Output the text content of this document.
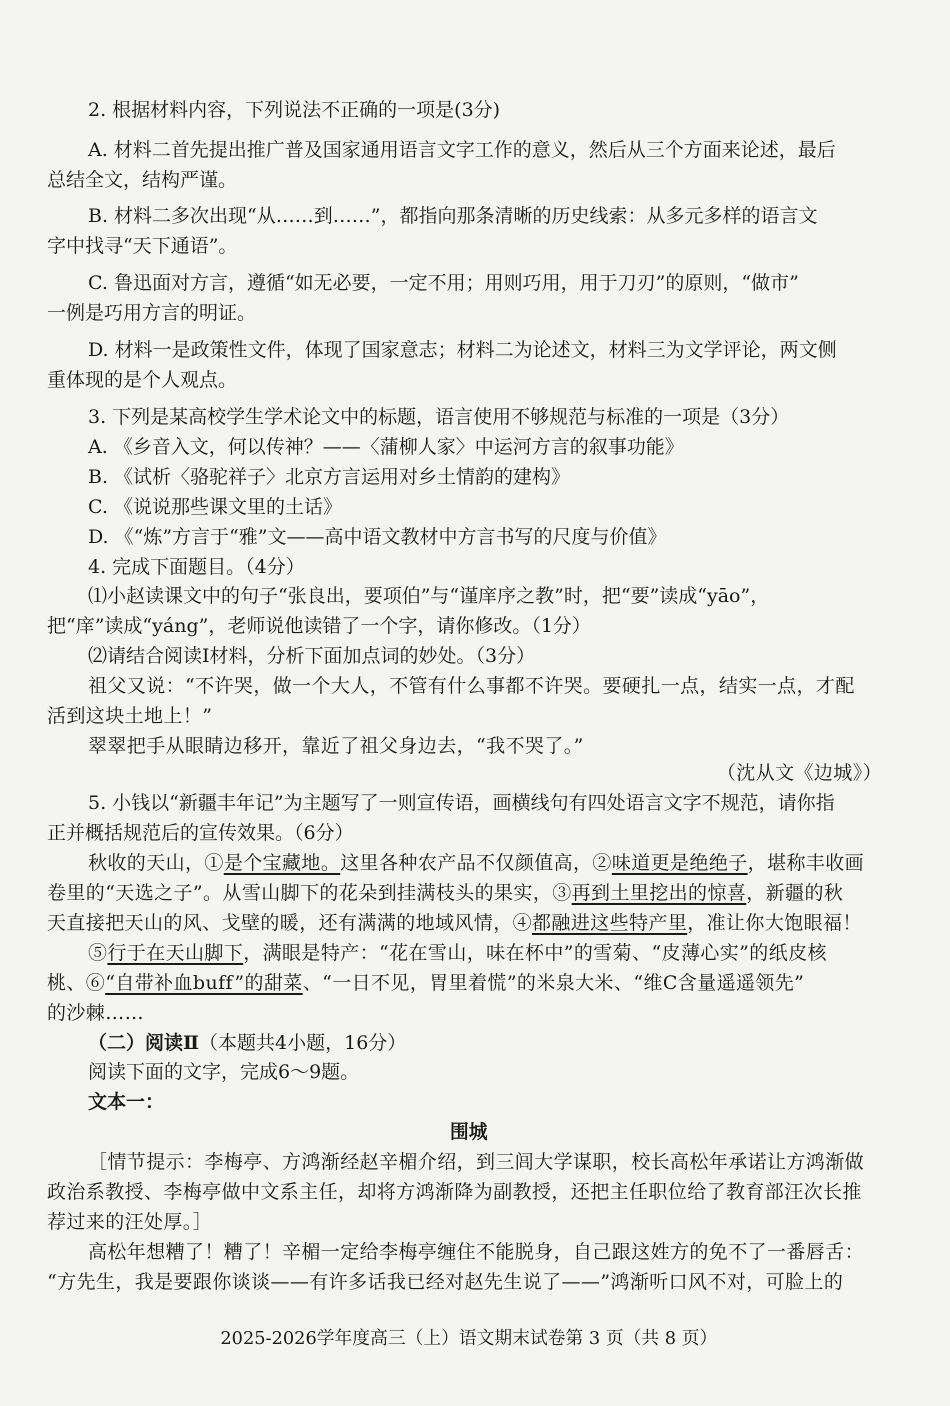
2. 根据材料内容，下列说法不正确的一项是(3分)
A. 材料二首先提出推广普及国家通用语言文字工作的意义，然后从三个方面来论述，最后
总结全文，结构严谨。
B. 材料二多次出现“从……到……”，都指向那条清晰的历史线索：从多元多样的语言文
字中找寻“天下通语”。
C. 鲁迅面对方言，遵循“如无必要，一定不用；用则巧用，用于刀刃”的原则，“做市”
一例是巧用方言的明证。
D. 材料一是政策性文件，体现了国家意志；材料二为论述文，材料三为文学评论，两文侧
重体现的是个人观点。
3. 下列是某高校学生学术论文中的标题，语言使用不够规范与标准的一项是（3分）
A. 《乡音入文，何以传神？——〈蒲柳人家〉中运河方言的叙事功能》
B. 《试析〈骆驼祥子〉北京方言运用对乡土情韵的建构》
C. 《说说那些课文里的土话》
D. 《“炼”方言于“雅”文——高中语文教材中方言书写的尺度与价值》
4. 完成下面题目。（4分）
⑴小赵读课文中的句子“张良出，要项伯”与“谨庠序之教”时，把“要”读成“yāo”，
把“庠”读成“yáng”，老师说他读错了一个字，请你修改。（1分）
⑵请结合阅读Ⅰ材料，分析下面加点词的妙处。（3分）
祖父又说：“不许哭，做一个大人，不管有什么事都不许哭。要硬扎一点，结实一点，才配
活到这块土地上！”
翠翠把手从眼睛边移开，靠近了祖父身边去，“我不哭了。”
（沈从文《边城》）
5. 小钱以“新疆丰年记”为主题写了一则宣传语，画横线句有四处语言文字不规范，请你指
正并概括规范后的宣传效果。（6分）
秋收的天山，①是个宝藏地。这里各种农产品不仅颜值高，②味道更是绝绝子，堪称丰收画
卷里的“天选之子”。从雪山脚下的花朵到挂满枝头的果实，③再到土里挖出的惊喜，新疆的秋
天直接把天山的风、戈壁的暖，还有满满的地域风情，④都融进这些特产里，准让你大饱眼福！
⑤行于在天山脚下，满眼是特产：“花在雪山，味在杯中”的雪菊、“皮薄心实”的纸皮核
桃、⑥“自带补血buff”的甜菜、“一日不见，胃里着慌”的米泉大米、“维C含量遥遥领先”
的沙棘……
（二）阅读Ⅱ（本题共4小题，16分）
阅读下面的文字，完成6～9题。
文本一：
围城
［情节提示：李梅亭、方鸿渐经赵辛楣介绍，到三闾大学谋职，校长高松年承诺让方鸿渐做
政治系教授、李梅亭做中文系主任，却将方鸿渐降为副教授，还把主任职位给了教育部汪次长推
荐过来的汪处厚。］
高松年想糟了！糟了！辛楣一定给李梅亭缠住不能脱身，自己跟这姓方的免不了一番唇舌：
“方先生，我是要跟你谈谈——有许多话我已经对赵先生说了——”鸿渐听口风不对，可脸上的
2025-2026学年度高三（上）语文期末试卷第 3 页（共 8 页）
